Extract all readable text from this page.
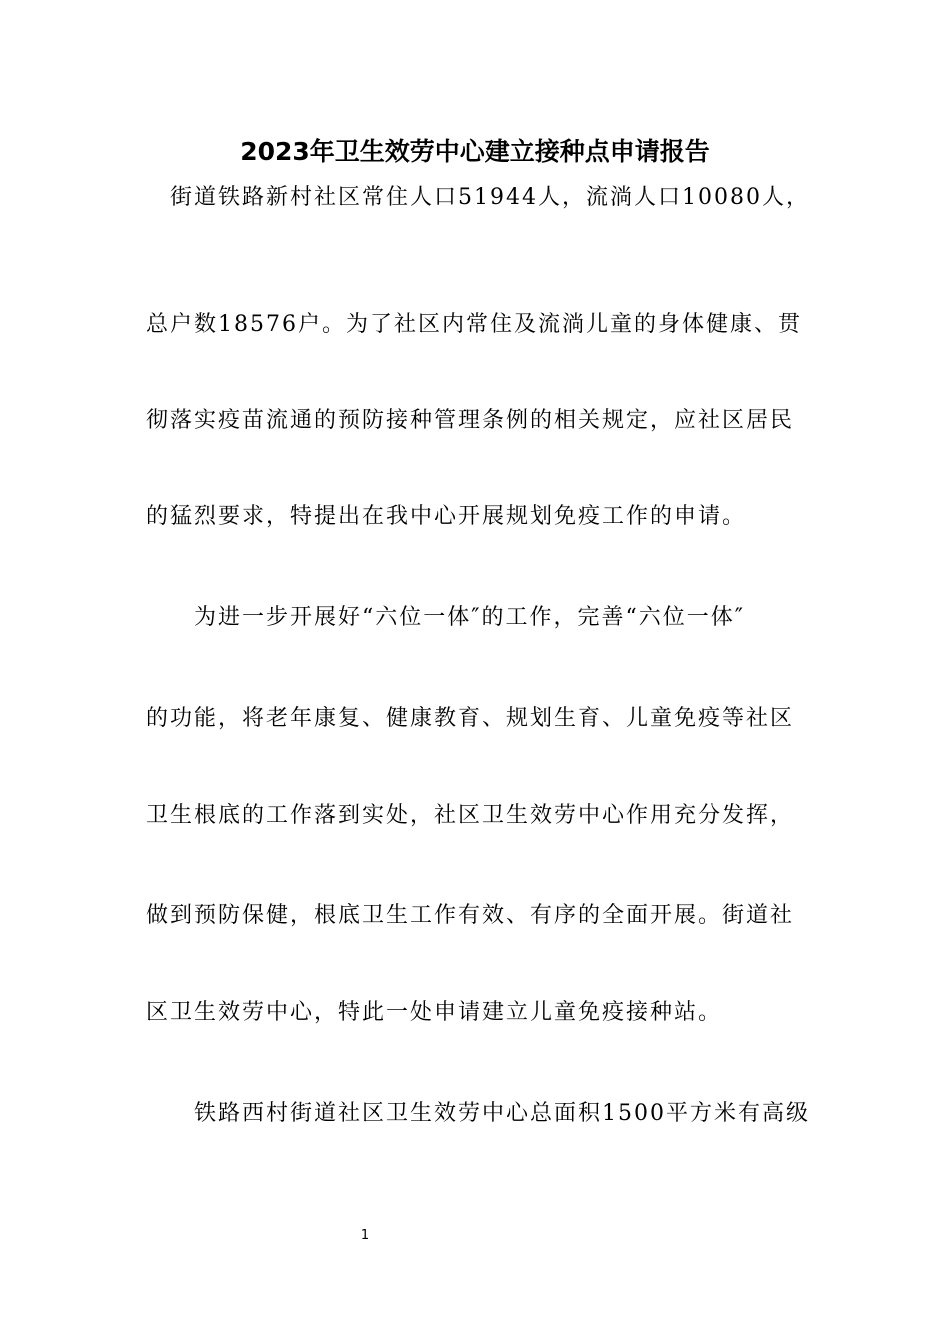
2023年卫生效劳中心建立接种点申请报告
街道铁路新村社区常住人口51944人，流淌人口10080人，
总户数18576户。为了社区内常住及流淌儿童的身体健康、贯
彻落实疫苗流通的预防接种管理条例的相关规定，应社区居民
的猛烈要求，特提出在我中心开展规划免疫工作的申请。
为进一步开展好“六位一体″的工作，完善“六位一体″
的功能，将老年康复、健康教育、规划生育、儿童免疫等社区
卫生根底的工作落到实处，社区卫生效劳中心作用充分发挥，
做到预防保健，根底卫生工作有效、有序的全面开展。街道社
区卫生效劳中心，特此一处申请建立儿童免疫接种站。
铁路西村街道社区卫生效劳中心总面积1500平方米有高级
1
